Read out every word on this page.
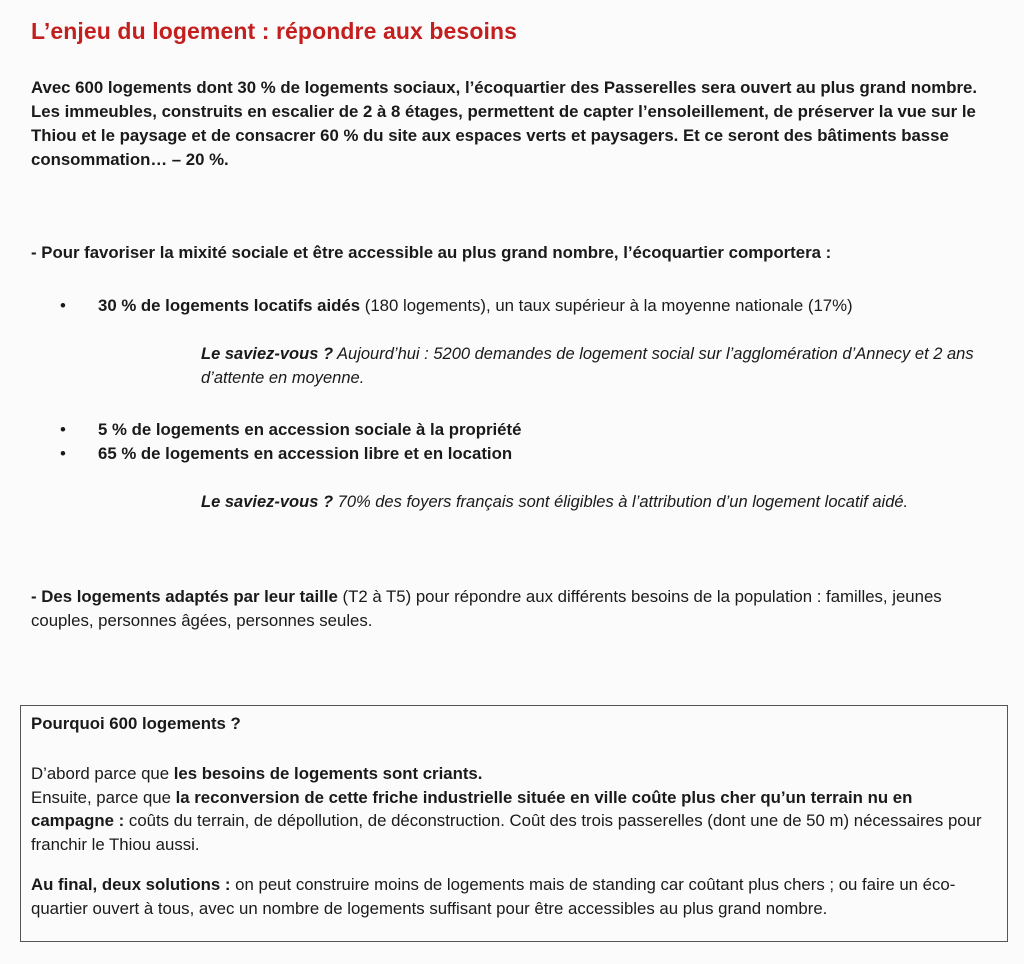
L’enjeu du logement : répondre aux besoins

Avec 600 logements dont 30 % de logements sociaux, l’écoquartier des Passerelles sera ouvert au plus grand nombre. Les immeubles, construits en escalier de 2 à 8 étages, permettent de capter l’ensoleillement, de préserver la vue sur le Thiou et le paysage et de consacrer 60 % du site aux espaces verts et paysagers. Et ce seront des bâtiments basse consommation… – 20 %.

- Pour favoriser la mixité sociale et être accessible au plus grand nombre, l’écoquartier comportera :

• 30 % de logements locatifs aidés (180 logements), un taux supérieur à la moyenne nationale (17%)

Le saviez-vous ? Aujourd’hui : 5200 demandes de logement social sur l’agglomération d’Annecy et 2 ans d’attente en moyenne.

• 5 % de logements en accession sociale à la propriété
• 65 % de logements en accession libre et en location

Le saviez-vous ? 70% des foyers français sont éligibles à l’attribution d’un logement locatif aidé.

- Des logements adaptés par leur taille (T2 à T5) pour répondre aux différents besoins de la population : familles, jeunes couples, personnes âgées, personnes seules.

Pourquoi 600 logements ?

D’abord parce que les besoins de logements sont criants.
Ensuite, parce que la reconversion de cette friche industrielle située en ville coûte plus cher qu’un terrain nu en campagne : coûts du terrain, de dépollution, de déconstruction. Coût des trois passerelles (dont une de 50 m) nécessaires pour franchir le Thiou aussi.

Au final, deux solutions : on peut construire moins de logements mais de standing car coûtant plus chers ; ou faire un éco-quartier ouvert à tous, avec un nombre de logements suffisant pour être accessibles au plus grand nombre.
